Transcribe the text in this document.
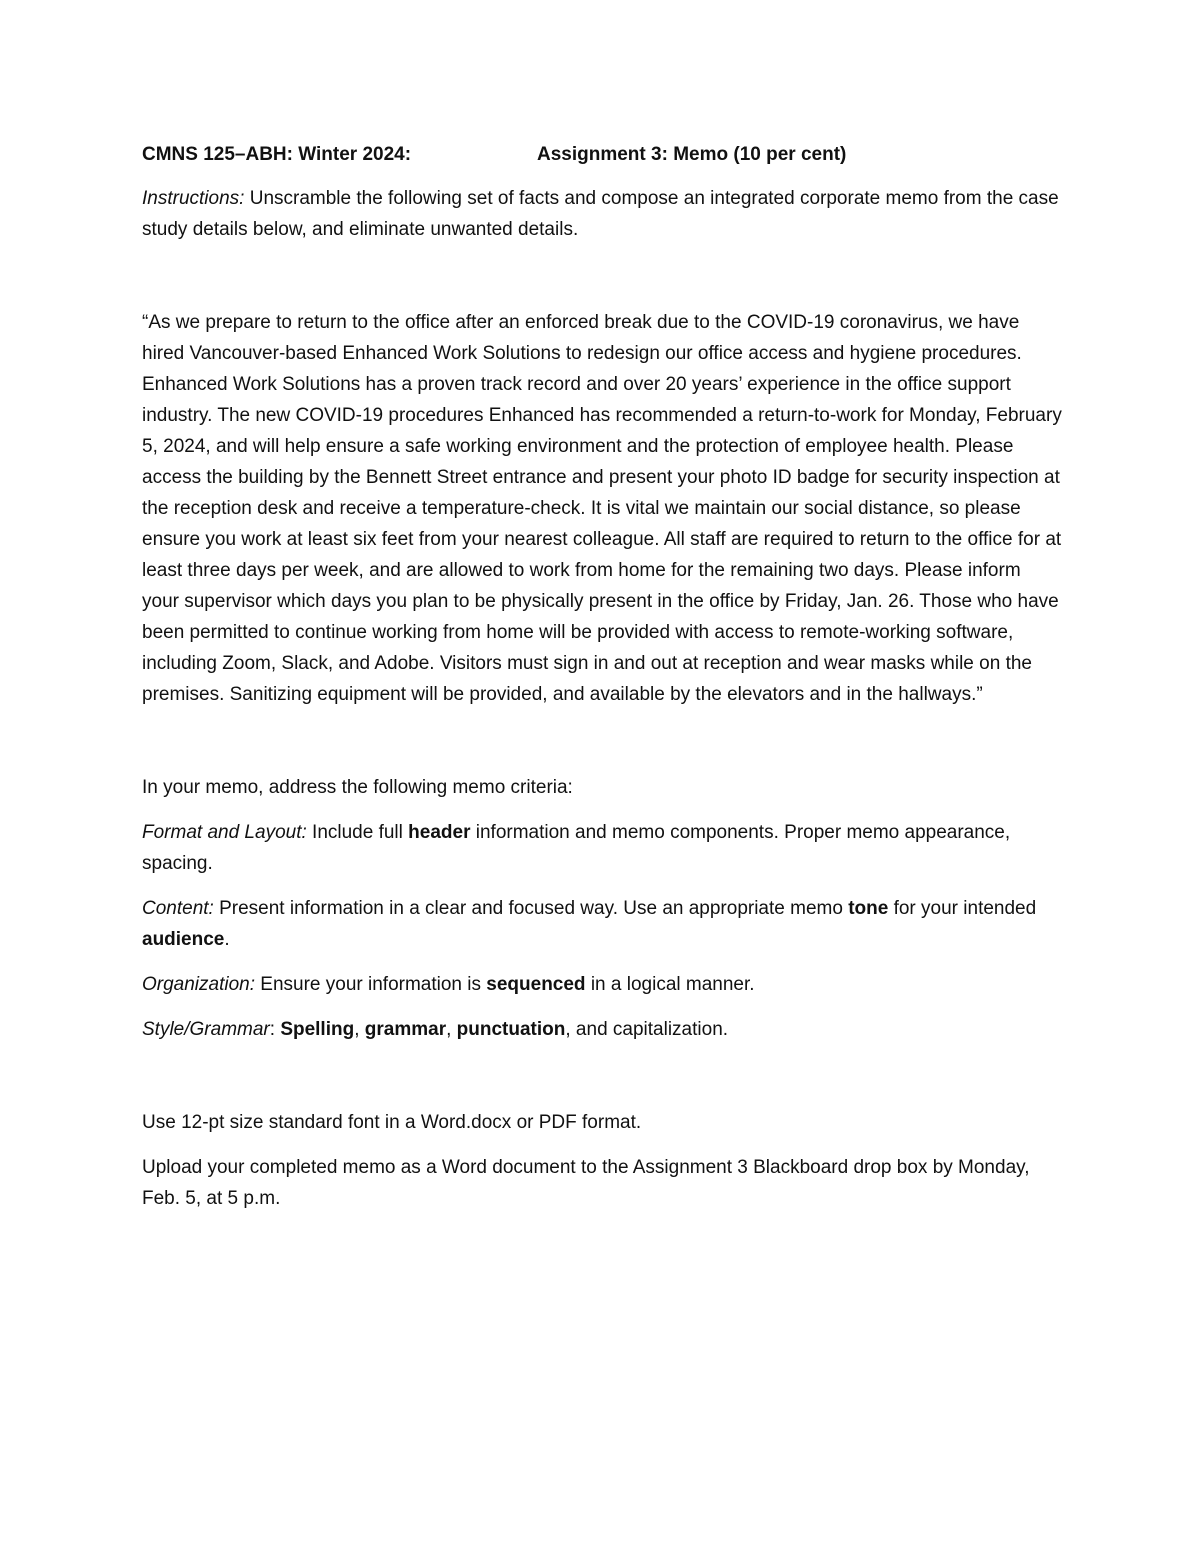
CMNS 125–ABH: Winter 2024:	Assignment 3: Memo (10 per cent)

Instructions: Unscramble the following set of facts and compose an integrated corporate memo from the case study details below, and eliminate unwanted details.

“As we prepare to return to the office after an enforced break due to the COVID-19 coronavirus, we have hired Vancouver-based Enhanced Work Solutions to redesign our office access and hygiene procedures. Enhanced Work Solutions has a proven track record and over 20 years’ experience in the office support industry. The new COVID-19 procedures Enhanced has recommended a return-to-work for Monday, February 5, 2024, and will help ensure a safe working environment and the protection of employee health. Please access the building by the Bennett Street entrance and present your photo ID badge for security inspection at the reception desk and receive a temperature-check. It is vital we maintain our social distance, so please ensure you work at least six feet from your nearest colleague. All staff are required to return to the office for at least three days per week, and are allowed to work from home for the remaining two days. Please inform your supervisor which days you plan to be physically present in the office by Friday, Jan. 26. Those who have been permitted to continue working from home will be provided with access to remote-working software, including Zoom, Slack, and Adobe. Visitors must sign in and out at reception and wear masks while on the premises. Sanitizing equipment will be provided, and available by the elevators and in the hallways.”

In your memo, address the following memo criteria:

Format and Layout: Include full header information and memo components. Proper memo appearance, spacing.

Content: Present information in a clear and focused way. Use an appropriate memo tone for your intended audience.

Organization: Ensure your information is sequenced in a logical manner.

Style/Grammar: Spelling, grammar, punctuation, and capitalization.

Use 12-pt size standard font in a Word.docx or PDF format.

Upload your completed memo as a Word document to the Assignment 3 Blackboard drop box by Monday, Feb. 5, at 5 p.m.
